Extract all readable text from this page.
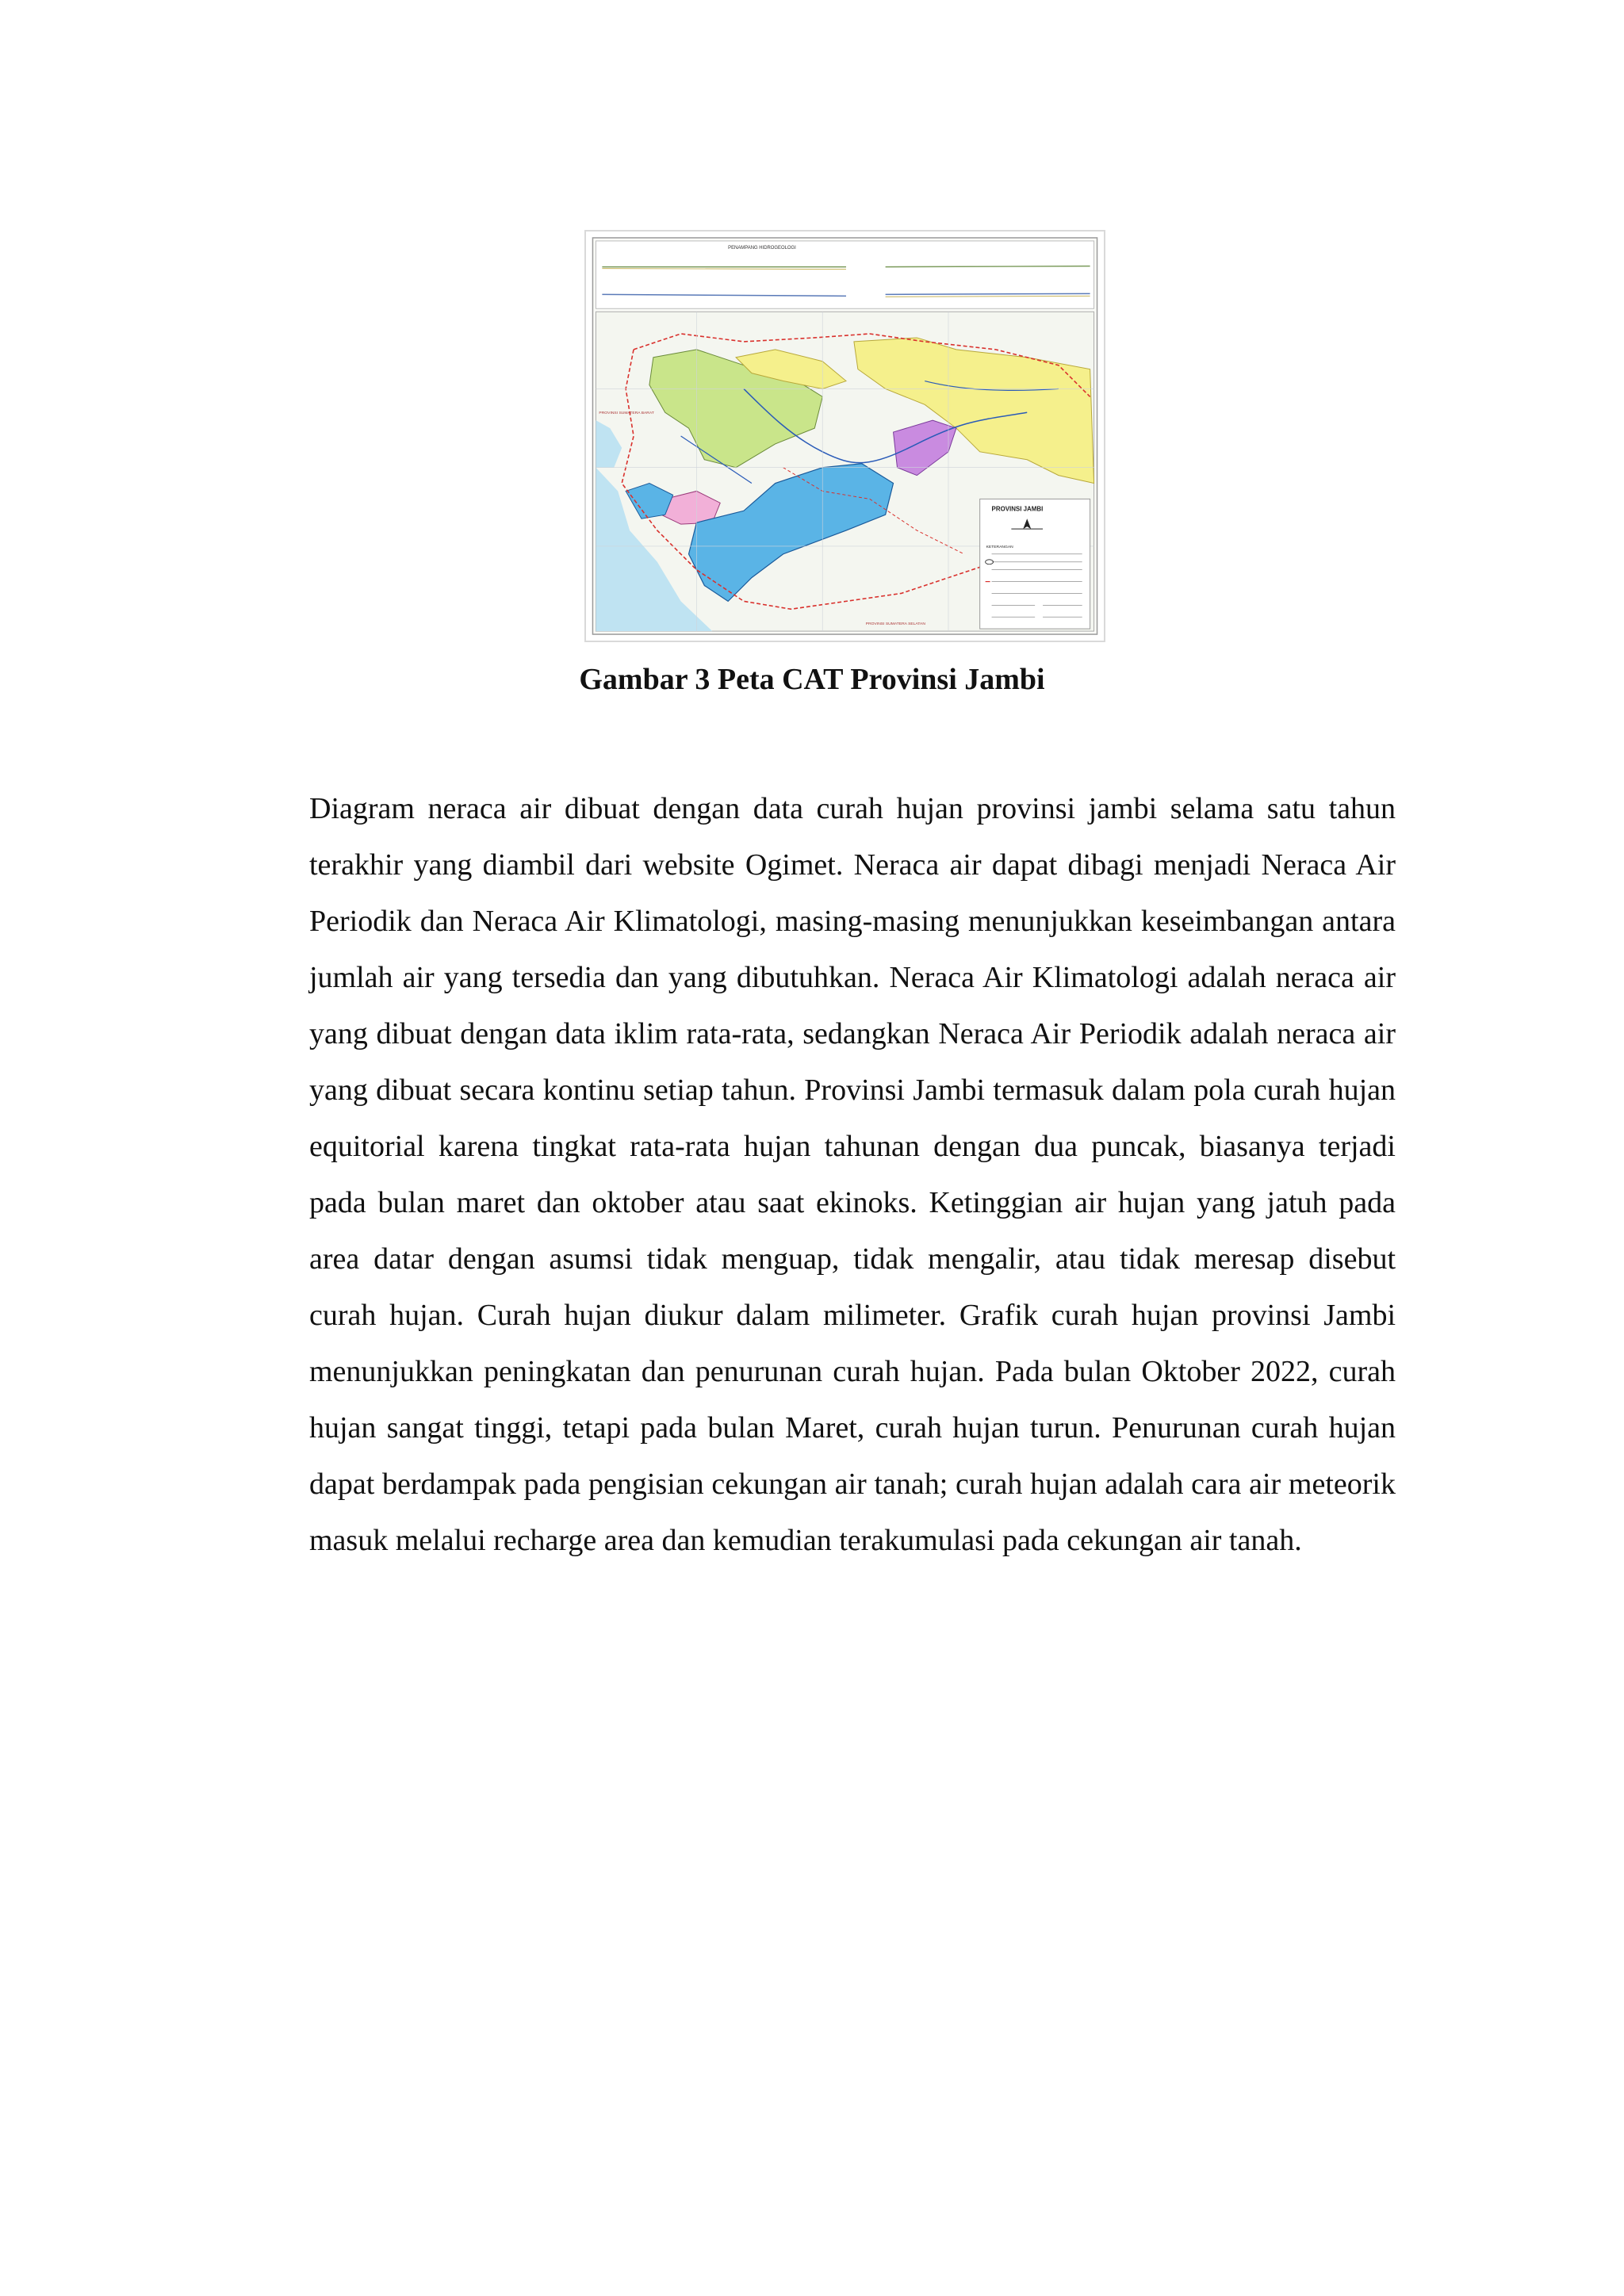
PENAMPANG HIDROGEOLOGI
PROVINSI SUMATERA SELATAN
PROVINSI SUMATERA BARAT
PROVINSI JAMBI
KETERANGAN
Gambar 3 Peta CAT Provinsi Jambi
Diagram neraca air dibuat dengan data curah hujan provinsi jambi selama satu tahun terakhir yang diambil dari website Ogimet. Neraca air dapat dibagi menjadi Neraca Air Periodik dan Neraca Air Klimatologi, masing-masing menunjukkan keseimbangan antara jumlah air yang tersedia dan yang dibutuhkan. Neraca Air Klimatologi adalah neraca air yang dibuat dengan data iklim rata-rata, sedangkan Neraca Air Periodik adalah neraca air yang dibuat secara kontinu setiap tahun. Provinsi Jambi termasuk dalam pola curah hujan equitorial karena tingkat rata-rata hujan tahunan dengan dua puncak, biasanya terjadi pada bulan maret dan oktober atau saat ekinoks. Ketinggian air hujan yang jatuh pada area datar dengan asumsi tidak menguap, tidak mengalir, atau tidak meresap disebut curah hujan. Curah hujan diukur dalam milimeter. Grafik curah hujan provinsi Jambi menunjukkan peningkatan dan penurunan curah hujan. Pada bulan Oktober 2022, curah hujan sangat tinggi, tetapi pada bulan Maret, curah hujan turun. Penurunan curah hujan dapat berdampak pada pengisian cekungan air tanah; curah hujan adalah cara air meteorik masuk melalui recharge area dan kemudian terakumulasi pada cekungan air tanah.
